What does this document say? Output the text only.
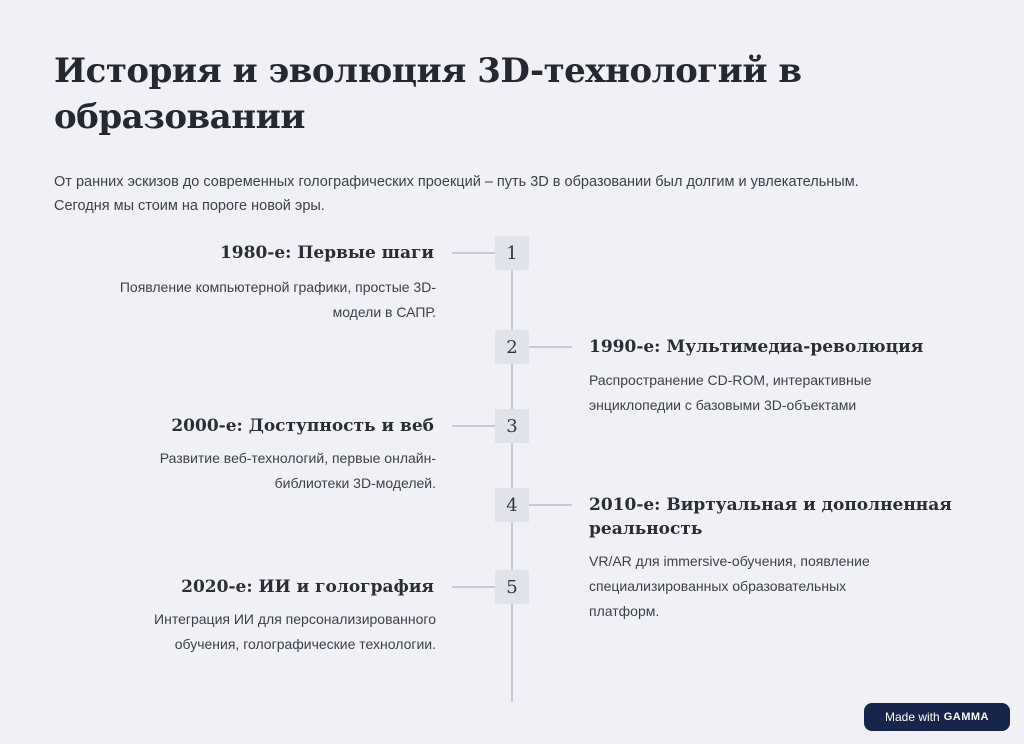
История и эволюция 3D-технологий в образовании
От ранних эскизов до современных голографических проекций – путь 3D в образовании был долгим и увлекательным.
Сегодня мы стоим на пороге новой эры.
1
1980-е: Первые шаги
Появление компьютерной графики, простые 3D-
модели в САПР.
2	1990-е: Мультимедиа-революция
Распространение CD-ROM, интерактивные
энциклопедии с базовыми 3D-объектами
3
2000-е: Доступность и веб
Развитие веб-технологий, первые онлайн-
библиотеки 3D-моделей.
4	2010-е: Виртуальная и дополненная
реальность
VR/AR для immersive-обучения, появление
специализированных образовательных
платформ.
5
2020-е: ИИ и голография
Интеграция ИИ для персонализированного
обучения, голографические технологии.
Made with GAMMA
